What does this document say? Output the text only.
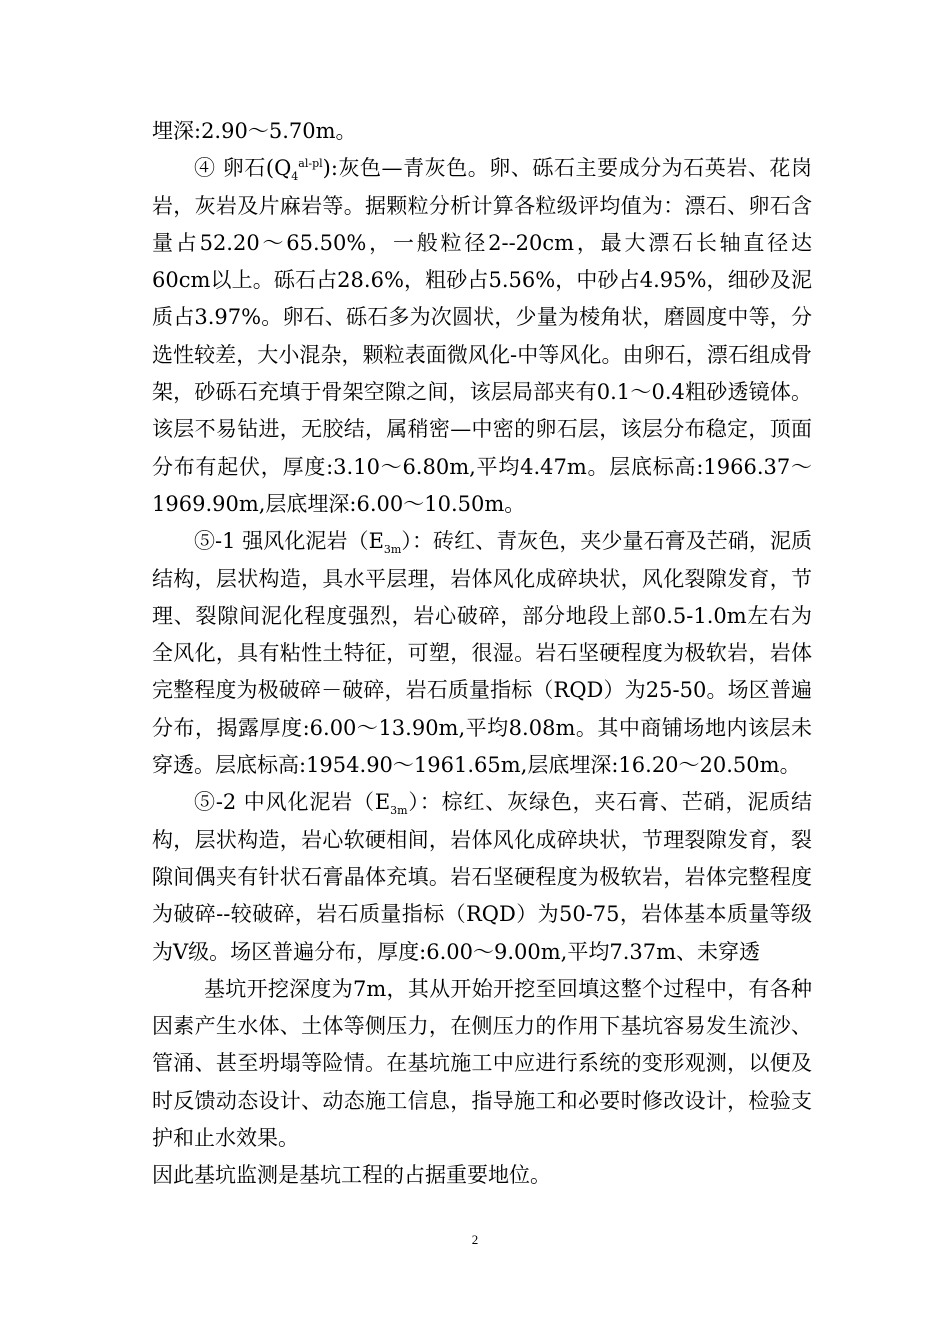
埋深:2.90～5.70m。

④ 卵石$(Q_4^{al-pl})$:灰色—青灰色。卵、砾石主要成分为石英岩、花岗岩，灰岩及片麻岩等。据颗粒分析计算各粒级评均值为：漂石、卵石含量占52.20～65.50%，一般粒径2--20cm，最大漂石长轴直径达60cm以上。砾石占28.6%，粗砂占5.56%，中砂占4.95%，细砂及泥质占3.97%。卵石、砾石多为次圆状，少量为棱角状，磨圆度中等，分选性较差，大小混杂，颗粒表面微风化-中等风化。由卵石，漂石组成骨架，砂砾石充填于骨架空隙之间，该层局部夹有0.1～0.4粗砂透镜体。该层不易钻进，无胶结，属稍密—中密的卵石层，该层分布稳定，顶面分布有起伏，厚度:3.10～6.80m,平均4.47m。层底标高:1966.37～1969.90m,层底埋深:6.00～10.50m。

⑤-1 强风化泥岩$(E_{3m})$：砖红、青灰色，夹少量石膏及芒硝，泥质结构，层状构造，具水平层理，岩体风化成碎块状，风化裂隙发育，节理、裂隙间泥化程度强烈，岩心破碎，部分地段上部0.5-1.0m左右为全风化，具有粘性土特征，可塑，很湿。岩石坚硬程度为极软岩，岩体完整程度为极破碎－破碎，岩石质量指标（RQD）为25-50。场区普遍分布，揭露厚度:6.00～13.90m,平均8.08m。其中商铺场地内该层未穿透。层底标高:1954.90～1961.65m,层底埋深:16.20～20.50m。

⑤-2 中风化泥岩$(E_{3m})$：棕红、灰绿色，夹石膏、芒硝，泥质结构，层状构造，岩心软硬相间，岩体风化成碎块状，节理裂隙发育，裂隙间偶夹有针状石膏晶体充填。岩石坚硬程度为极软岩，岩体完整程度为破碎--较破碎，岩石质量指标（RQD）为50-75，岩体基本质量等级为Ⅴ级。场区普遍分布，厚度:6.00～9.00m,平均7.37m、未穿透

基坑开挖深度为7m，其从开始开挖至回填这整个过程中，有各种因素产生水体、土体等侧压力，在侧压力的作用下基坑容易发生流沙、管涌、甚至坍塌等险情。在基坑施工中应进行系统的变形观测，以便及时反馈动态设计、动态施工信息，指导施工和必要时修改设计，检验支护和止水效果。

因此基坑监测是基坑工程的占据重要地位。

2
